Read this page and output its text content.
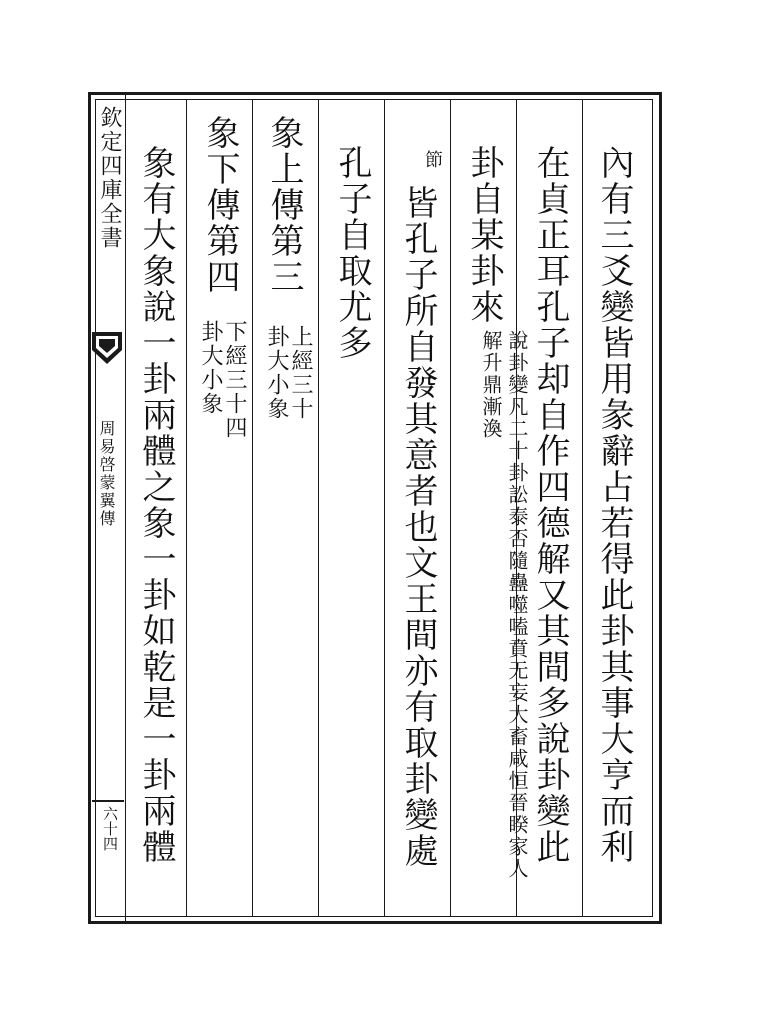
欽定四庫全書
周易啓蒙翼傳
六十四	內有三爻變皆用彖辭占若得此卦其事大亨而利
在貞正耳孔子却自作四德解又其間多說卦變此
卦自某卦來
說卦變凡二十卦訟泰否隨蠱噬嗑賁无妄大畜咸恒晉睽家人解升鼎漸渙
節
皆孔子所自發其意者也文王間亦有取卦變處
孔子自取尤多
象上傳第三
上經三十卦大小象
象下傳第四
下經三十四卦大小象
象有大象說一卦兩體之象一卦如乾是一卦兩體
